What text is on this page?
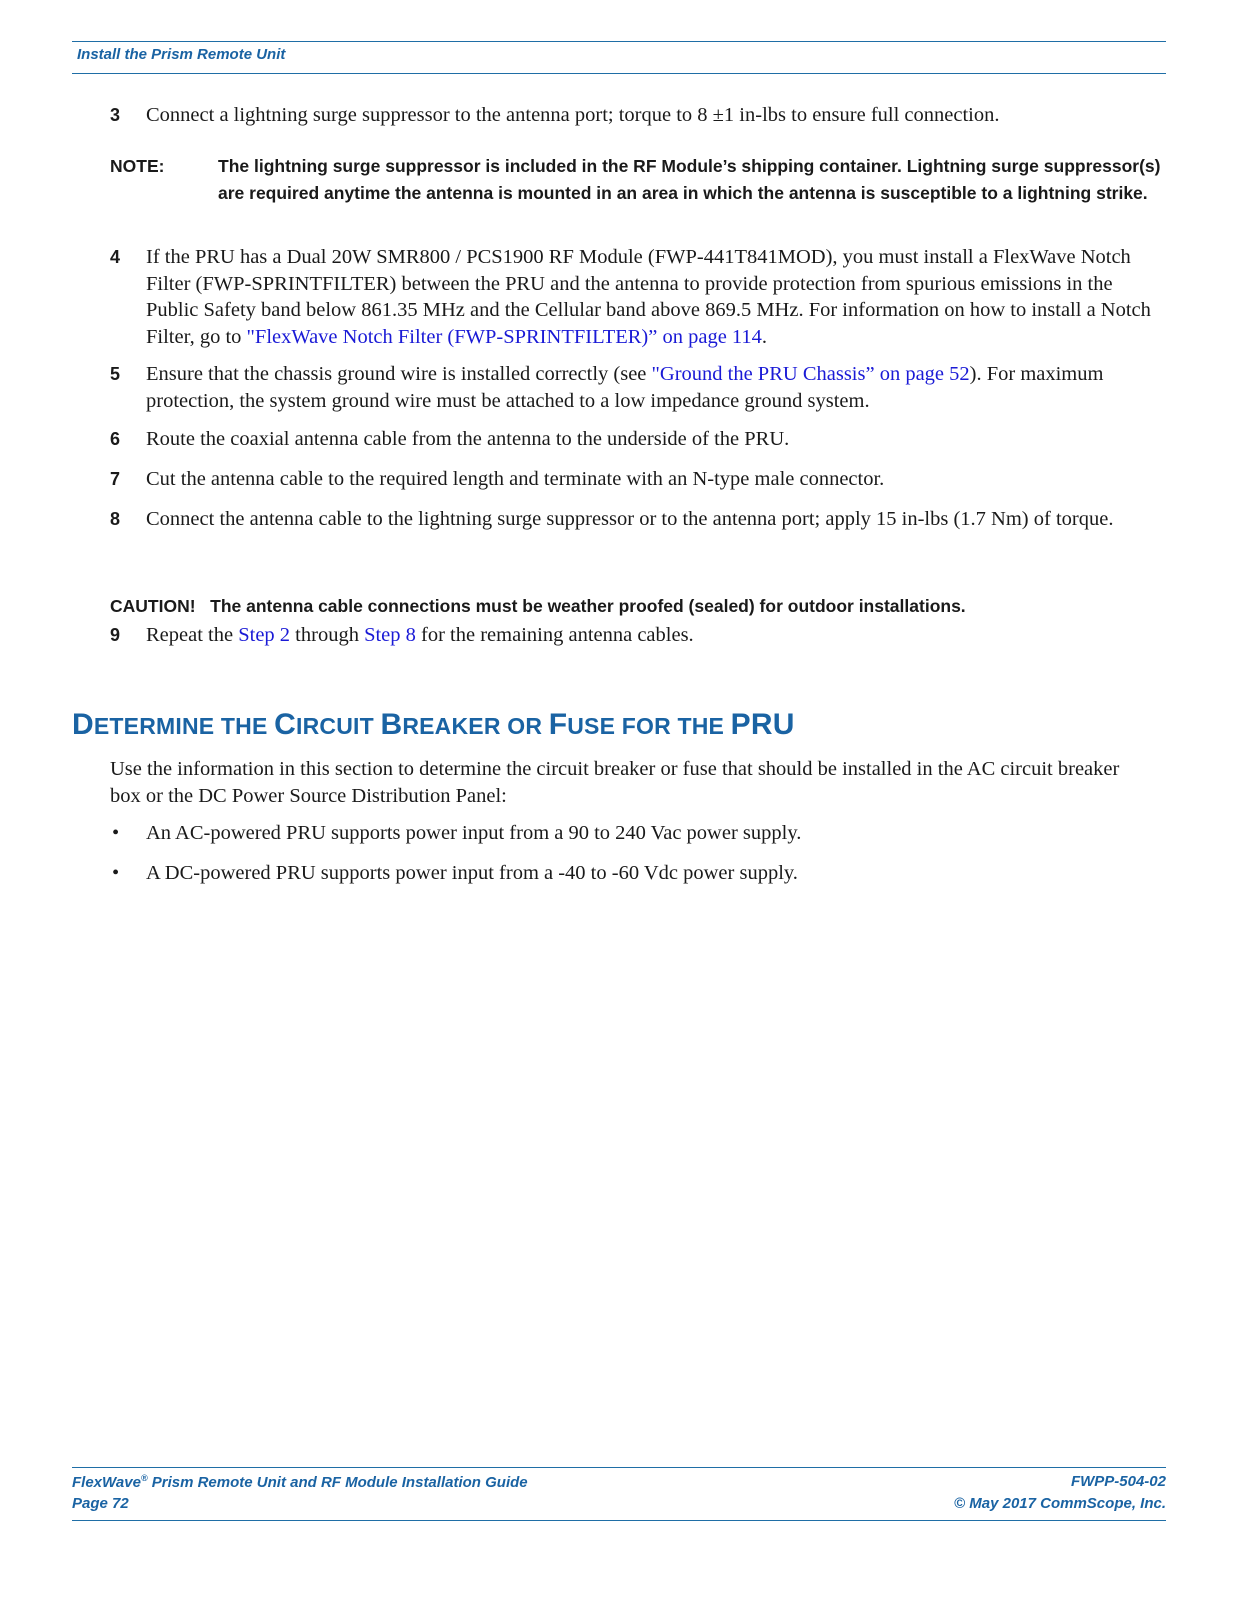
Install the Prism Remote Unit
3 Connect a lightning surge suppressor to the antenna port; torque to 8 ±1 in-lbs to ensure full connection.
NOTE:	The lightning surge suppressor is included in the RF Module’s shipping container. Lightning surge suppressor(s) are required anytime the antenna is mounted in an area in which the antenna is susceptible to a lightning strike.
4 If the PRU has a Dual 20W SMR800 / PCS1900 RF Module (FWP-441T841MOD), you must install a FlexWave Notch Filter (FWP-SPRINTFILTER) between the PRU and the antenna to provide protection from spurious emissions in the Public Safety band below 861.35 MHz and the Cellular band above 869.5 MHz. For information on how to install a Notch Filter, go to "FlexWave Notch Filter (FWP-SPRINTFILTER)” on page 114.
5 Ensure that the chassis ground wire is installed correctly (see "Ground the PRU Chassis” on page 52). For maximum protection, the system ground wire must be attached to a low impedance ground system.
6 Route the coaxial antenna cable from the antenna to the underside of the PRU.
7 Cut the antenna cable to the required length and terminate with an N-type male connector.
8 Connect the antenna cable to the lightning surge suppressor or to the antenna port; apply 15 in-lbs (1.7 Nm) of torque.
CAUTION! The antenna cable connections must be weather proofed (sealed) for outdoor installations.
9 Repeat the Step 2 through Step 8 for the remaining antenna cables.
DETERMINE THE CIRCUIT BREAKER OR FUSE FOR THE PRU
Use the information in this section to determine the circuit breaker or fuse that should be installed in the AC circuit breaker box or the DC Power Source Distribution Panel:
• An AC-powered PRU supports power input from a 90 to 240 Vac power supply.
• A DC-powered PRU supports power input from a -40 to -60 Vdc power supply.
FlexWave® Prism Remote Unit and RF Module Installation Guide	FWPP-504-02
Page 72	© May 2017 CommScope, Inc.
